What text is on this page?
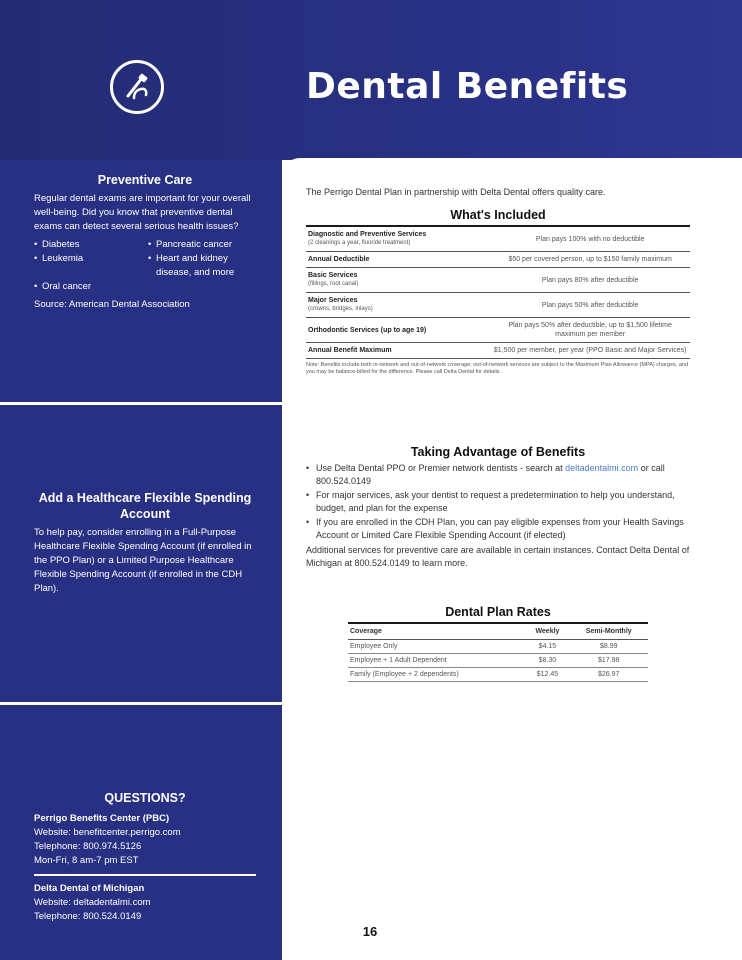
Dental Benefits
Preventive Care

Regular dental exams are important for your overall well-being. Did you know that preventive dental exams can detect several serious health issues?

• Diabetes	• Pancreatic cancer
• Leukemia	• Heart and kidney disease, and more
• Oral cancer

Source: American Dental Association

Add a Healthcare Flexible Spending Account

To help pay, consider enrolling in a Full-Purpose Healthcare Flexible Spending Account (if enrolled in the PPO Plan) or a Limited Purpose Healthcare Flexible Spending Account (if enrolled in the CDH Plan).

QUESTIONS?
Perrigo Benefits Center (PBC)
Website: benefitcenter.perrigo.com
Telephone: 800.974.5126
Mon-Fri, 8 am-7 pm EST
Delta Dental of Michigan
Website: deltadentalmi.com
Telephone: 800.524.0149

The Perrigo Dental Plan in partnership with Delta Dental offers quality care.

What's Included
Diagnostic and Preventive Services
(2 cleanings a year, fluoride treatment)	Plan pays 100% with no deductible
Annual Deductible	$50 per covered person, up to $150 family maximum
Basic Services
(fillings, root canal)	Plan pays 80% after deductible
Major Services
(crowns, bridges, inlays)	Plan pays 50% after deductible
Orthodontic Services (up to age 19)	Plan pays 50% after deductible, up to $1,500 lifetime maximum per member
Annual Benefit Maximum	$1,500 per member, per year (PPO Basic and Major Services)
Note: Benefits include both in-network and out-of-network coverage; out-of-network services are subject to the Maximum Plan Allowance (MPA) charges, and you may be balance-billed for the difference. Please call Delta Dental for details.
Taking Advantage of Benefits
• Use Delta Dental PPO or Premier network dentists - search at deltadentalmi.com or call 800.524.0149
• For major services, ask your dentist to request a predetermination to help you understand, budget, and plan for the expense
• If you are enrolled in the CDH Plan, you can pay eligible expenses from your Health Savings Account or Limited Care Flexible Spending Account (if elected)

Additional services for preventive care are available in certain instances. Contact Delta Dental of Michigan at 800.524.0149 to learn more.

Dental Plan Rates
Coverage	Weekly	Semi-Monthly
Employee Only	$4.15	$8.99
Employee + 1 Adult Dependent	$8.30	$17.98
Family (Employee + 2 dependents)	$12.45	$26.97
16
